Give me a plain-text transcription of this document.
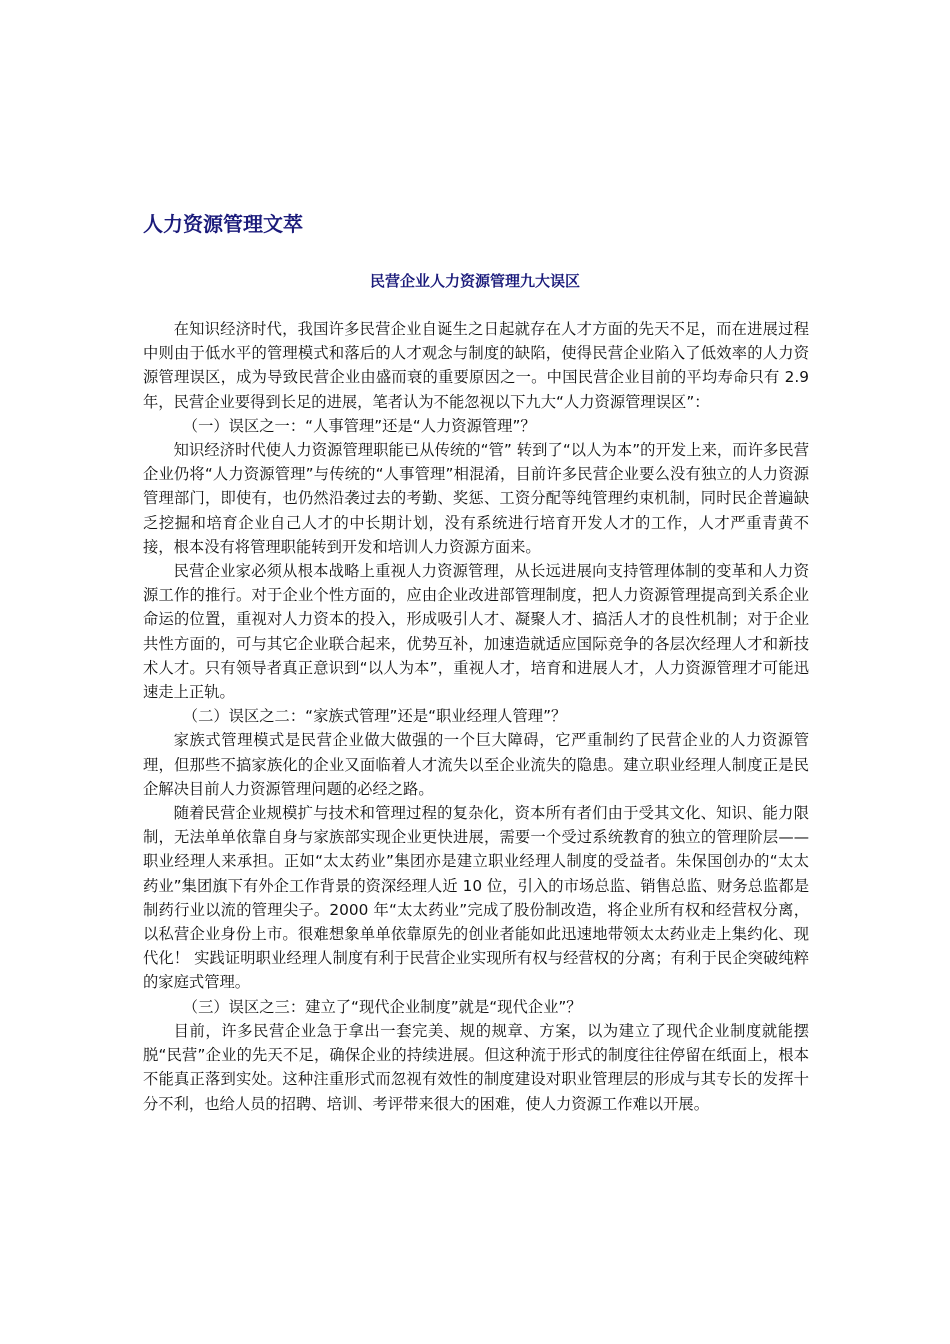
人力资源管理文萃
民营企业人力资源管理九大误区

在知识经济时代，我国许多民营企业自诞生之日起就存在人才方面的先天不足，而在进展过程中则由于低水平的管理模式和落后的人才观念与制度的缺陷，使得民营企业陷入了低效率的人力资源管理误区，成为导致民营企业由盛而衰的重要原因之一。中国民营企业目前的平均寿命只有 2.9 年，民营企业要得到长足的进展，笔者认为不能忽视以下九大“人力资源管理误区”：

（一）误区之一：“人事管理”还是“人力资源管理”？

知识经济时代使人力资源管理职能已从传统的“管” 转到了“以人为本”的开发上来，而许多民营企业仍将“人力资源管理”与传统的“人事管理”相混淆，目前许多民营企业要么没有独立的人力资源管理部门，即使有，也仍然沿袭过去的考勤、奖惩、工资分配等纯管理约束机制，同时民企普遍缺乏挖掘和培育企业自己人才的中长期计划，没有系统进行培育开发人才的工作，人才严重青黄不接，根本没有将管理职能转到开发和培训人力资源方面来。

民营企业家必须从根本战略上重视人力资源管理，从长远进展向支持管理体制的变革和人力资源工作的推行。对于企业个性方面的，应由企业改进部管理制度，把人力资源管理提高到关系企业命运的位置，重视对人力资本的投入，形成吸引人才、凝聚人才、搞活人才的良性机制；对于企业共性方面的，可与其它企业联合起来，优势互补，加速造就适应国际竞争的各层次经理人才和新技术人才。只有领导者真正意识到“以人为本”，重视人才，培育和进展人才，人力资源管理才可能迅速走上正轨。

（二）误区之二：“家族式管理”还是“职业经理人管理”？

家族式管理模式是民营企业做大做强的一个巨大障碍，它严重制约了民营企业的人力资源管理，但那些不搞家族化的企业又面临着人才流失以至企业流失的隐患。建立职业经理人制度正是民企解决目前人力资源管理问题的必经之路。

随着民营企业规模扩与技术和管理过程的复杂化，资本所有者们由于受其文化、知识、能力限制，无法单单依靠自身与家族部实现企业更快进展，需要一个受过系统教育的独立的管理阶层——职业经理人来承担。正如“太太药业”集团亦是建立职业经理人制度的受益者。朱保国创办的“太太药业”集团旗下有外企工作背景的资深经理人近 10 位，引入的市场总监、销售总监、财务总监都是制药行业以流的管理尖子。2000 年“太太药业”完成了股份制改造，将企业所有权和经营权分离，以私营企业身份上市。很难想象单单依靠原先的创业者能如此迅速地带领太太药业走上集约化、现代化！ 实践证明职业经理人制度有利于民营企业实现所有权与经营权的分离；有利于民企突破纯粹的家庭式管理。

（三）误区之三：建立了“现代企业制度”就是“现代企业”？

目前，许多民营企业急于拿出一套完美、规的规章、方案，以为建立了现代企业制度就能摆脱“民营”企业的先天不足，确保企业的持续进展。但这种流于形式的制度往往停留在纸面上，根本不能真正落到实处。这种注重形式而忽视有效性的制度建设对职业管理层的形成与其专长的发挥十分不利，也给人员的招聘、培训、考评带来很大的困难，使人力资源工作难以开展。
